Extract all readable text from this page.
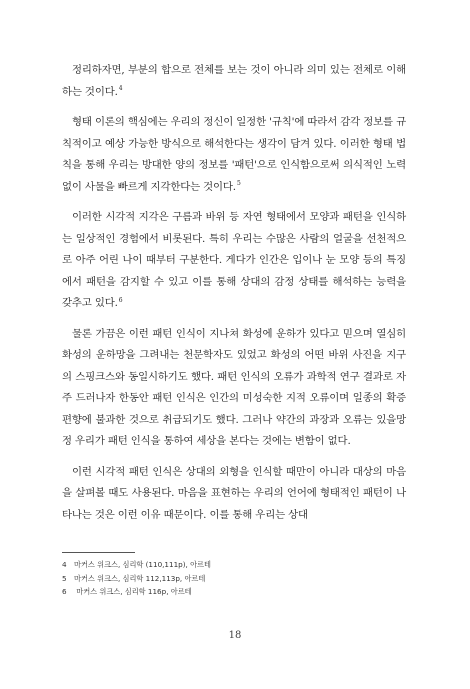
정리하자면, 부분의 합으로 전체를 보는 것이 아니라 의미 있는 전체로 이해하는 것이다.$^4$

형태 이론의 핵심에는 우리의 정신이 일정한 '규칙'에 따라서 감각 정보를 규칙적이고 예상 가능한 방식으로 해석한다는 생각이 담겨 있다. 이러한 형태 법칙을 통해 우리는 방대한 양의 정보를 '패턴'으로 인식함으로써 의식적인 노력 없이 사물을 빠르게 지각한다는 것이다.$^5$

이러한 시각적 지각은 구름과 바위 등 자연 형태에서 모양과 패턴을 인식하는 일상적인 경험에서 비롯된다. 특히 우리는 수많은 사람의 얼굴을 선천적으로 아주 어린 나이 때부터 구분한다. 게다가 인간은 입이나 눈 모양 등의 특징에서 패턴을 감지할 수 있고 이를 통해 상대의 감정 상태를 해석하는 능력을 갖추고 있다.$^6$

물론 가끔은 이런 패턴 인식이 지나쳐 화성에 운하가 있다고 믿으며 열심히 화성의 운하망을 그려내는 천문학자도 있었고 화성의 어떤 바위 사진을 지구의 스핑크스와 동일시하기도 했다. 패턴 인식의 오류가 과학적 연구 결과로 자주 드러나자 한동안 패턴 인식은 인간의 미성숙한 지적 오류이며 일종의 확증편향에 불과한 것으로 취급되기도 했다. 그러나 약간의 과장과 오류는 있을망정 우리가 패턴 인식을 통하여 세상을 본다는 것에는 변함이 없다.

이런 시각적 패턴 인식은 상대의 외형을 인식할 때만이 아니라 대상의 마음을 살펴볼 때도 사용된다. 마음을 표현하는 우리의 언어에 형태적인 패턴이 나타나는 것은 이런 이유 때문이다. 이를 통해 우리는 상대

4 마커스 위크스, 심리학 (110,111p), 아르테
5 마커스 위크스, 심리학 112,113p, 아르테
6 마커스 위크스, 심리학 116p, 아르테
18
